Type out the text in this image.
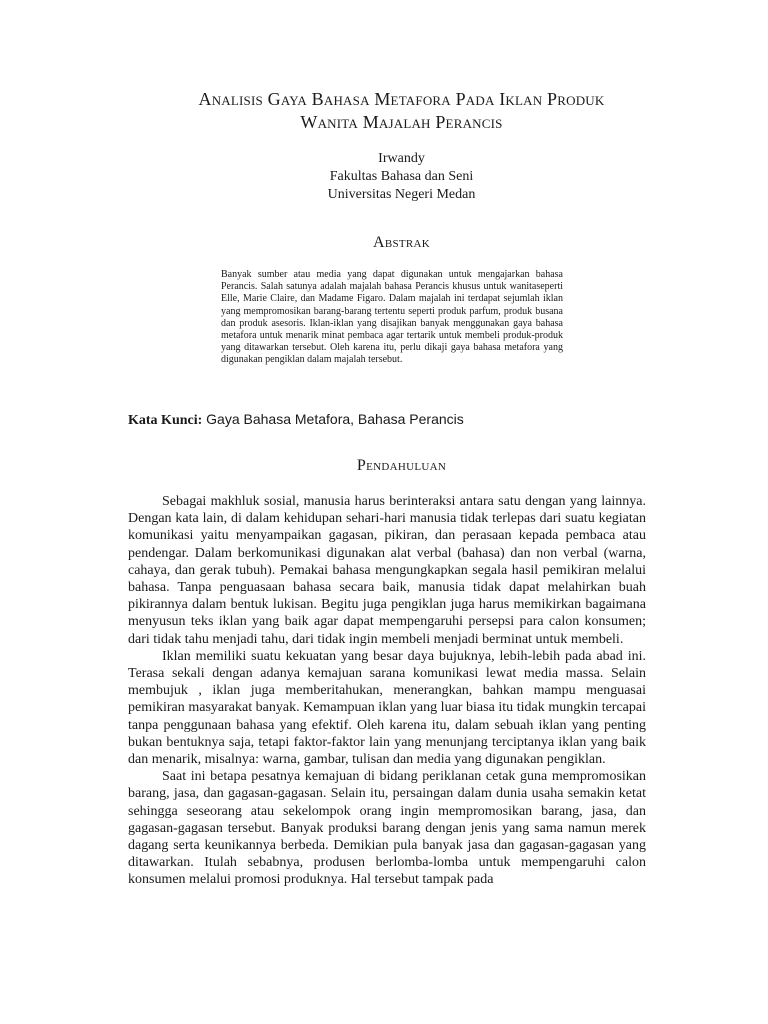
Analisis Gaya Bahasa Metafora Pada Iklan Produk
Wanita Majalah Perancis
Irwandy
Fakultas Bahasa dan Seni
Universitas Negeri Medan
Abstrak

Banyak sumber atau media yang dapat digunakan untuk mengajarkan bahasa Perancis. Salah satunya adalah majalah bahasa Perancis khusus untuk wanitaseperti Elle, Marie Claire, dan Madame Figaro. Dalam majalah ini terdapat sejumlah iklan yang mempromosikan barang-barang tertentu seperti produk parfum, produk busana dan produk asesoris. Iklan-iklan yang disajikan banyak menggunakan gaya bahasa metafora untuk menarik minat pembaca agar tertarik untuk membeli produk-produk yang ditawarkan tersebut. Oleh karena itu, perlu dikaji gaya bahasa metafora yang digunakan pengiklan dalam majalah tersebut.

Kata Kunci: Gaya Bahasa Metafora, Bahasa Perancis
Pendahuluan

Sebagai makhluk sosial, manusia harus berinteraksi antara satu dengan yang lainnya. Dengan kata lain, di dalam kehidupan sehari-hari manusia tidak terlepas dari suatu kegiatan komunikasi yaitu menyampaikan gagasan, pikiran, dan perasaan kepada pembaca atau pendengar. Dalam berkomunikasi digunakan alat verbal (bahasa) dan non verbal (warna, cahaya, dan gerak tubuh). Pemakai bahasa mengungkapkan segala hasil pemikiran melalui bahasa. Tanpa penguasaan bahasa secara baik, manusia tidak dapat melahirkan buah pikirannya dalam bentuk lukisan. Begitu juga pengiklan juga harus memikirkan bagaimana menyusun teks iklan yang baik agar dapat mempengaruhi persepsi para calon konsumen; dari tidak tahu menjadi tahu, dari tidak ingin membeli menjadi berminat untuk membeli.

Iklan memiliki suatu kekuatan yang besar daya bujuknya, lebih-lebih pada abad ini. Terasa sekali dengan adanya kemajuan sarana komunikasi lewat media massa. Selain membujuk , iklan juga memberitahukan, menerangkan, bahkan mampu menguasai pemikiran masyarakat banyak. Kemampuan iklan yang luar biasa itu tidak mungkin tercapai tanpa penggunaan bahasa yang efektif. Oleh karena itu, dalam sebuah iklan yang penting bukan bentuknya saja, tetapi faktor-faktor lain yang menunjang terciptanya iklan yang baik dan menarik, misalnya: warna, gambar, tulisan dan media yang digunakan pengiklan.

Saat ini betapa pesatnya kemajuan di bidang periklanan cetak guna mempromosikan barang, jasa, dan gagasan-gagasan. Selain itu, persaingan dalam dunia usaha semakin ketat sehingga seseorang atau sekelompok orang ingin mempromosikan barang, jasa, dan gagasan-gagasan tersebut. Banyak produksi barang dengan jenis yang sama namun merek dagang serta keunikannya berbeda. Demikian pula banyak jasa dan gagasan-gagasan yang ditawarkan. Itulah sebabnya, produsen berlomba-lomba untuk mempengaruhi calon konsumen melalui promosi produknya. Hal tersebut tampak pada
